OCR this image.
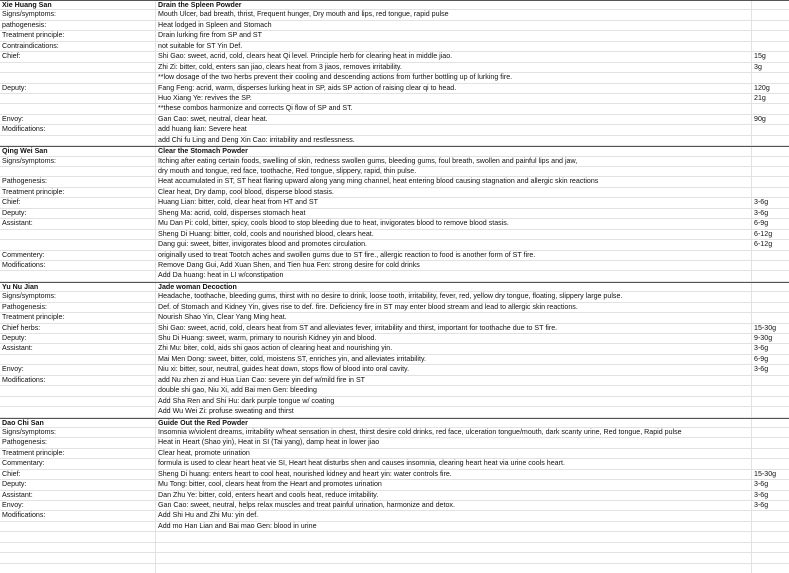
Xie Huang San	Drain the Spleen Powder
Signs/symptoms:	Mouth Ulcer, bad breath, thrist, Frequent hunger, Dry mouth and lips, red tongue, rapid pulse
pathogenesis:	Heat lodged in Spleen and Stomach
Treatment principle:	Drain lurking fire from SP and ST
Contraindications:	not suitable for ST Yin Def.
Chief:	Shi Gao: sweet, acrid, cold, clears heat Qi level. Principle herb for clearing heat in middle jiao.	15g
Zhi Zi: bitter, cold, enters san jiao, clears heat from 3 jiaos, removes irritability.	3g
**low dosage of the two herbs prevent their cooling and descending actions from further bottling up of lurking fire.
Deputy:	Fang Feng: acrid, warm, disperses lurking heat in SP, aids SP action of raising clear qi to head.	120g
Huo Xiang Ye: revives the SP.	21g
**these combos harmonize and corrects Qi flow of SP and ST.
Envoy:	Gan Cao: swet, neutral, clear heat.	90g
Modifications:	add huang lian: Severe heat
add Chi fu Ling and Deng Xin Cao: irritability and restlessness.
Qing Wei San	Clear the Stomach Powder
Signs/symptoms:	Itching after eating certain foods, swelling of skin, redness swollen gums, bleeding gums, foul breath, swollen and painful lips and jaw,
dry mouth and tongue, red face, toothache, Red tongue, slippery, rapid, thin pulse.
Pathogenesis:	Heat accumulated in ST, ST heat flaring upward along yang ming channel, heat entering blood causing stagnation and allergic skin reactions
Treatment principle:	Clear heat, Dry damp, cool blood, disperse blood stasis.
Chief:	Huang Lian: bitter, cold, clear heat from HT and ST	3-6g
Deputy:	Sheng Ma: acrid, cold, disperses stomach heat	3-6g
Assistant:	Mu Dan Pi: cold, bitter, spicy, cools blood to stop bleeding due to heat, invigorates blood to remove blood stasis.	6-9g
Sheng Di Huang: bitter, cold, cools and nourished blood, clears heat.	6-12g
Dang gui: sweet, bitter, invigorates blood and promotes circulation.	6-12g
Commentery:	originally used to treat Tootch aches and swollen gums due to ST fire., allergic reaction to food is another form of ST fire.
Modifications:	Remove Dang Gui, Add Xuan Shen, and Tien hua Fen: strong desire for cold drinks
Add Da huang: heat in LI w/constipation
Yu Nu Jian	Jade woman Decoction
Signs/symptoms:	Headache, toothache, bleeding gums, thirst with no desire to drink, loose tooth, irritability, fever, red, yellow dry tongue, floating, slippery large pulse.
Pathogenesis:	Def. of Stomach and Kidney Yin, gives rise to def. fire. Deficiency fire in ST may enter blood stream and lead to allergic skin reactions.
Treatment principle:	Nourish Shao Yin, Clear Yang Ming heat.
Chief herbs:	Shi Gao: sweet, acrid, cold, clears heat from ST and alleviates fever, irritability and thirst, important for toothache due to ST fire.	15-30g
Deputy:	Shu Di Huang: sweet, warm, primary to nourish Kidney yin and blood.	9-30g
Assistant:	Zhi Mu: biter, cold, aids shi gaos action of clearing heat and nourishing yin.	3-6g
Mai Men Dong: sweet, bitter, cold, moistens ST, enriches yin, and alleviates irritability.	6-9g
Envoy:	Niu xi: bitter, sour, neutral, guides heat down, stops flow of blood into oral cavity.	3-6g
Modifications:	add Nu zhen zi and Hua Lian Cao: severe yin def w/mild fire in ST
double shi gao, Niu Xi, add Bai men Gen: bleeding
Add Sha Ren and Shi Hu: dark purple tongue w/ coating
Add Wu Wei Zi: profuse sweating and thirst
Dao Chi San	Guide Out the Red Powder
Signs/symptoms:	Insomnia w/violent dreams, irritability w/heat sensation in chest, thirst desire cold drinks, red face, ulceration tongue/mouth, dark scanty urine, Red tongue, Rapid pulse
Pathogenesis:	Heat in Heart (Shao yin), Heat in SI (Tai yang), damp heat in lower jiao
Treatment principle:	Clear heat, promote urination
Commentary:	formula is used to clear heart heat vie SI, Heart heat disturbs shen and causes insomnia, clearing heart heat via urine cools heart.
Chief:	Sheng Di huang: enters heart to cool heat, nourished kidney and heart yin: water controls fire.	15-30g
Deputy:	Mu Tong: bitter, cool, clears heat from the Heart and promotes urination	3-6g
Assistant:	Dan Zhu Ye: bitter, cold, enters heart and cools heat, reduce irritability.	3-6g
Envoy:	Gan Cao: sweet, neutral, helps relax muscles and treat painful urination, harmonize and detox.	3-6g
Modifications:	Add Shi Hu and Zhi Mu: yin def.
Add mo Han Lian and Bai mao Gen: blood in urine
